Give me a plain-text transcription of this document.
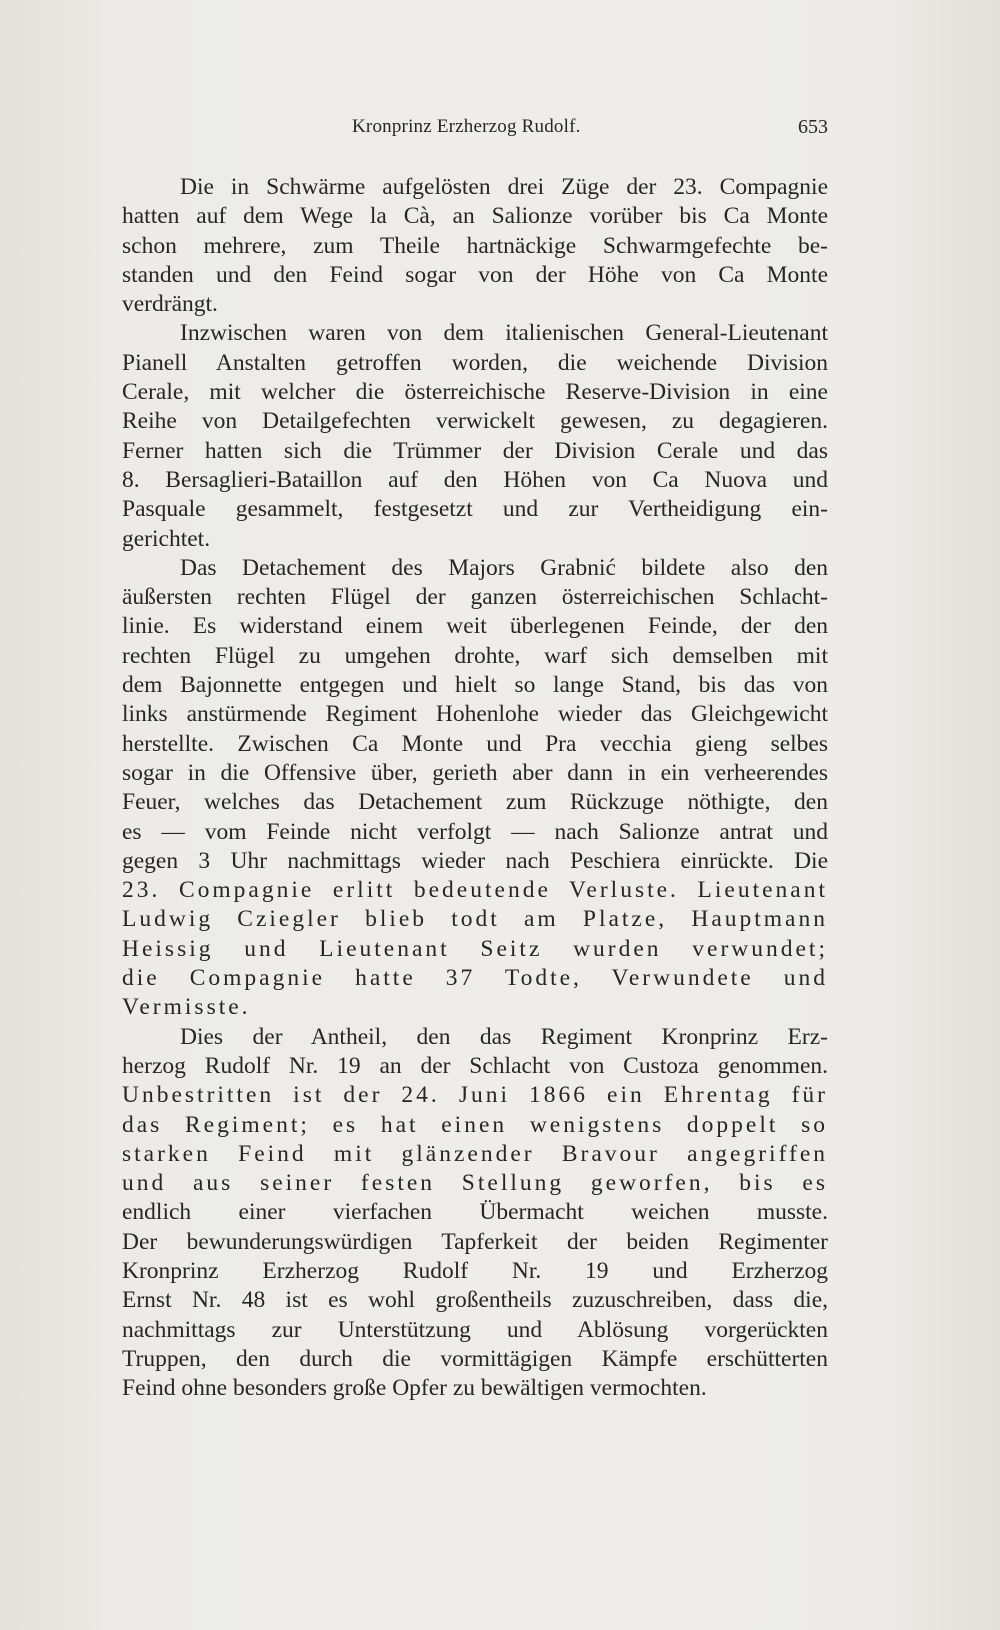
Kronprinz Erzherzog Rudolf.	653

Die in Schwärme aufgelösten drei Züge der 23. Compagnie
hatten auf dem Wege la Cà, an Salionze vorüber bis Ca Monte
schon mehrere, zum Theile hartnäckige Schwarmgefechte be-
standen und den Feind sogar von der Höhe von Ca Monte
verdrängt.

Inzwischen waren von dem italienischen General-Lieutenant
Pianell Anstalten getroffen worden, die weichende Division
Cerale, mit welcher die österreichische Reserve-Division in eine
Reihe von Detailgefechten verwickelt gewesen, zu degagieren.
Ferner hatten sich die Trümmer der Division Cerale und das
8. Bersaglieri-Bataillon auf den Höhen von Ca Nuova und
Pasquale gesammelt, festgesetzt und zur Vertheidigung ein-
gerichtet.

Das Detachement des Majors Grabnić bildete also den
äußersten rechten Flügel der ganzen österreichischen Schlacht-
linie. Es widerstand einem weit überlegenen Feinde, der den
rechten Flügel zu umgehen drohte, warf sich demselben mit
dem Bajonnette entgegen und hielt so lange Stand, bis das von
links anstürmende Regiment Hohenlohe wieder das Gleichgewicht
herstellte. Zwischen Ca Monte und Pra vecchia gieng selbes
sogar in die Offensive über, gerieth aber dann in ein verheerendes
Feuer, welches das Detachement zum Rückzuge nöthigte, den
es — vom Feinde nicht verfolgt — nach Salionze antrat und
gegen 3 Uhr nachmittags wieder nach Peschiera einrückte. Die
23. Compagnie erlitt bedeutende Verluste. Lieutenant
Ludwig Cziegler blieb todt am Platze, Hauptmann
Heissig und Lieutenant Seitz wurden verwundet;
die Compagnie hatte 37 Todte, Verwundete und
Vermisste.

Dies der Antheil, den das Regiment Kronprinz Erz-
herzog Rudolf Nr. 19 an der Schlacht von Custoza genommen.
Unbestritten ist der 24. Juni 1866 ein Ehrentag für
das Regiment; es hat einen wenigstens doppelt so
starken Feind mit glänzender Bravour angegriffen
und aus seiner festen Stellung geworfen, bis es
endlich einer vierfachen Übermacht weichen musste.
Der bewunderungswürdigen Tapferkeit der beiden Regimenter
Kronprinz Erzherzog Rudolf Nr. 19 und Erzherzog
Ernst Nr. 48 ist es wohl großentheils zuzuschreiben, dass die,
nachmittags zur Unterstützung und Ablösung vorgerückten
Truppen, den durch die vormittägigen Kämpfe erschütterten
Feind ohne besonders große Opfer zu bewältigen vermochten.
